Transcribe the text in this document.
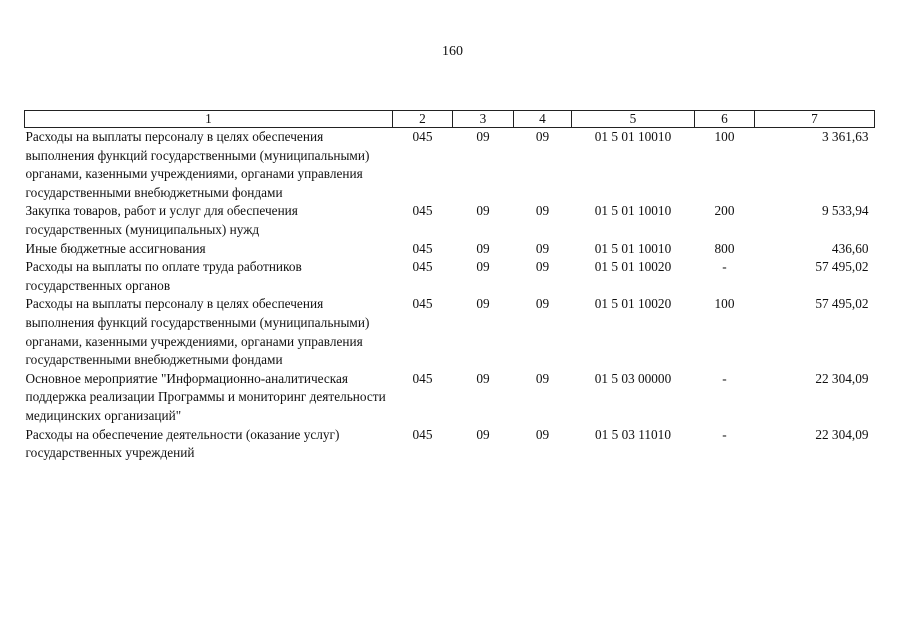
160
1	2	3	4	5	6	7
Расходы на выплаты персоналу в целях обеспечения выполнения функций государственными (муниципальными) органами, казенными учреждениями, органами управления государственными внебюджетными фондами	045	09	09	01 5 01 10010	100	3 361,63
Закупка товаров, работ и услуг для обеспечения государственных (муниципальных) нужд	045	09	09	01 5 01 10010	200	9 533,94
Иные бюджетные ассигнования	045	09	09	01 5 01 10010	800	436,60
Расходы на выплаты по оплате труда работников государственных органов	045	09	09	01 5 01 10020	-	57 495,02
Расходы на выплаты персоналу в целях обеспечения выполнения функций государственными (муниципальными) органами, казенными учреждениями, органами управления государственными внебюджетными фондами	045	09	09	01 5 01 10020	100	57 495,02
Основное мероприятие "Информационно-аналитическая поддержка реализации Программы и мониторинг деятельности медицинских организаций"	045	09	09	01 5 03 00000	-	22 304,09
Расходы на обеспечение деятельности (оказание услуг) государственных учреждений	045	09	09	01 5 03 11010	-	22 304,09
